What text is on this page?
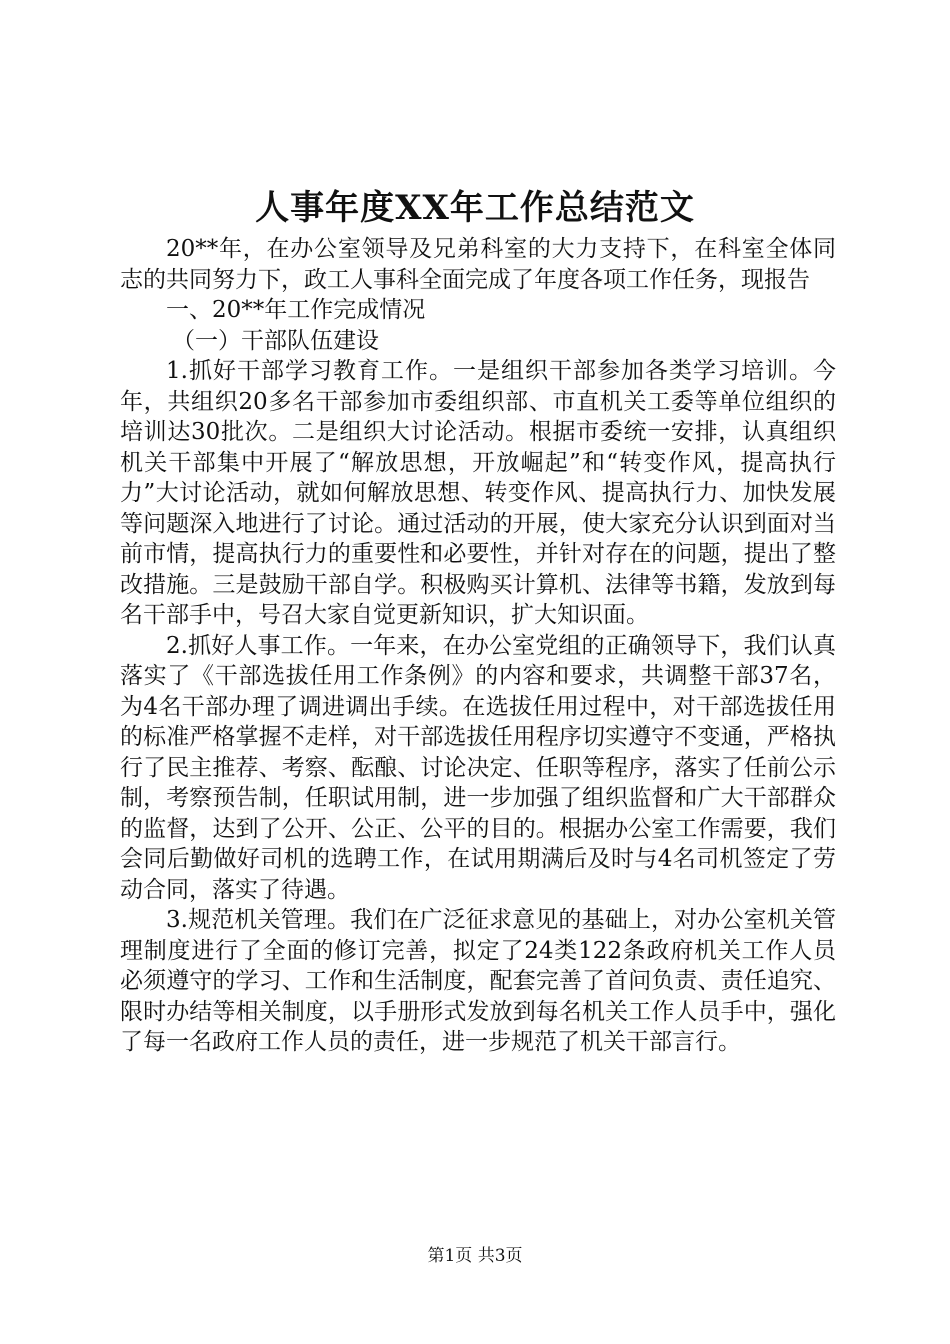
人事年度XX年工作总结范文

20**年，在办公室领导及兄弟科室的大力支持下，在科室全体同志的共同努力下，政工人事科全面完成了年度各项工作任务，现报告

一、20**年工作完成情况

（一）干部队伍建设

1.抓好干部学习教育工作。一是组织干部参加各类学习培训。今年，共组织20多名干部参加市委组织部、市直机关工委等单位组织的培训达30批次。二是组织大讨论活动。根据市委统一安排，认真组织机关干部集中开展了“解放思想，开放崛起”和“转变作风，提高执行力”大讨论活动，就如何解放思想、转变作风、提高执行力、加快发展等问题深入地进行了讨论。通过活动的开展，使大家充分认识到面对当前市情，提高执行力的重要性和必要性，并针对存在的问题，提出了整改措施。三是鼓励干部自学。积极购买计算机、法律等书籍，发放到每名干部手中，号召大家自觉更新知识，扩大知识面。

2.抓好人事工作。一年来，在办公室党组的正确领导下，我们认真落实了《干部选拔任用工作条例》的内容和要求，共调整干部37名，为4名干部办理了调进调出手续。在选拔任用过程中，对干部选拔任用的标准严格掌握不走样，对干部选拔任用程序切实遵守不变通，严格执行了民主推荐、考察、酝酿、讨论决定、任职等程序，落实了任前公示制，考察预告制，任职试用制，进一步加强了组织监督和广大干部群众的监督，达到了公开、公正、公平的目的。根据办公室工作需要，我们会同后勤做好司机的选聘工作，在试用期满后及时与4名司机签定了劳动合同，落实了待遇。

3.规范机关管理。我们在广泛征求意见的基础上，对办公室机关管理制度进行了全面的修订完善，拟定了24类122条政府机关工作人员必须遵守的学习、工作和生活制度，配套完善了首问负责、责任追究、限时办结等相关制度，以手册形式发放到每名机关工作人员手中，强化了每一名政府工作人员的责任，进一步规范了机关干部言行。

第1页 共3页
